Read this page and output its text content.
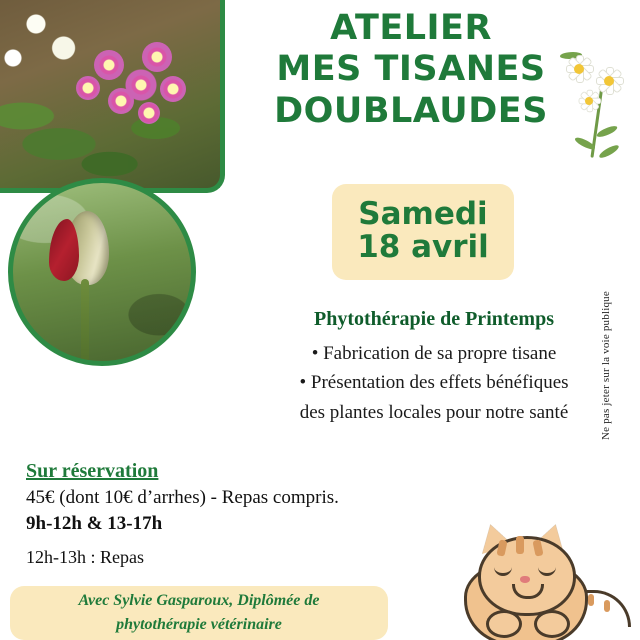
ATELIER
MES TISANES
DOUBLAUDES
Samedi
18 avril
Phytothérapie de Printemps
• Fabrication de sa propre tisane
• Présentation des effets bénéfiques
des plantes locales pour notre santé
Sur réservation
45€ (dont 10€ d’arrhes) - Repas compris.
9h-12h & 13-17h
12h-13h : Repas
Avec Sylvie Gasparoux, Diplômée de
phytothérapie vétérinaire
Ne pas jeter sur la voie publique
